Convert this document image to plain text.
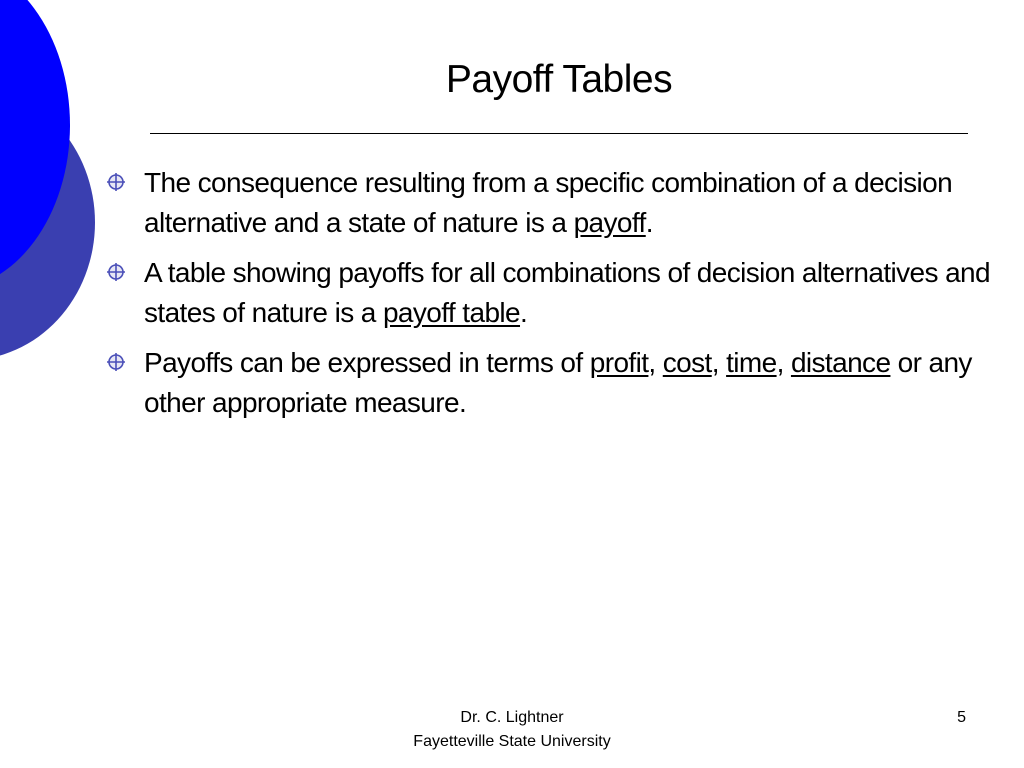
Payoff Tables
The consequence resulting from a specific combination of a decision alternative and a state of nature is a payoff.
A table showing payoffs for all combinations of decision alternatives and states of nature is a payoff table.
Payoffs can be expressed in terms of profit, cost, time, distance or any other appropriate measure.
Dr. C. Lightner
Fayetteville State University
5
